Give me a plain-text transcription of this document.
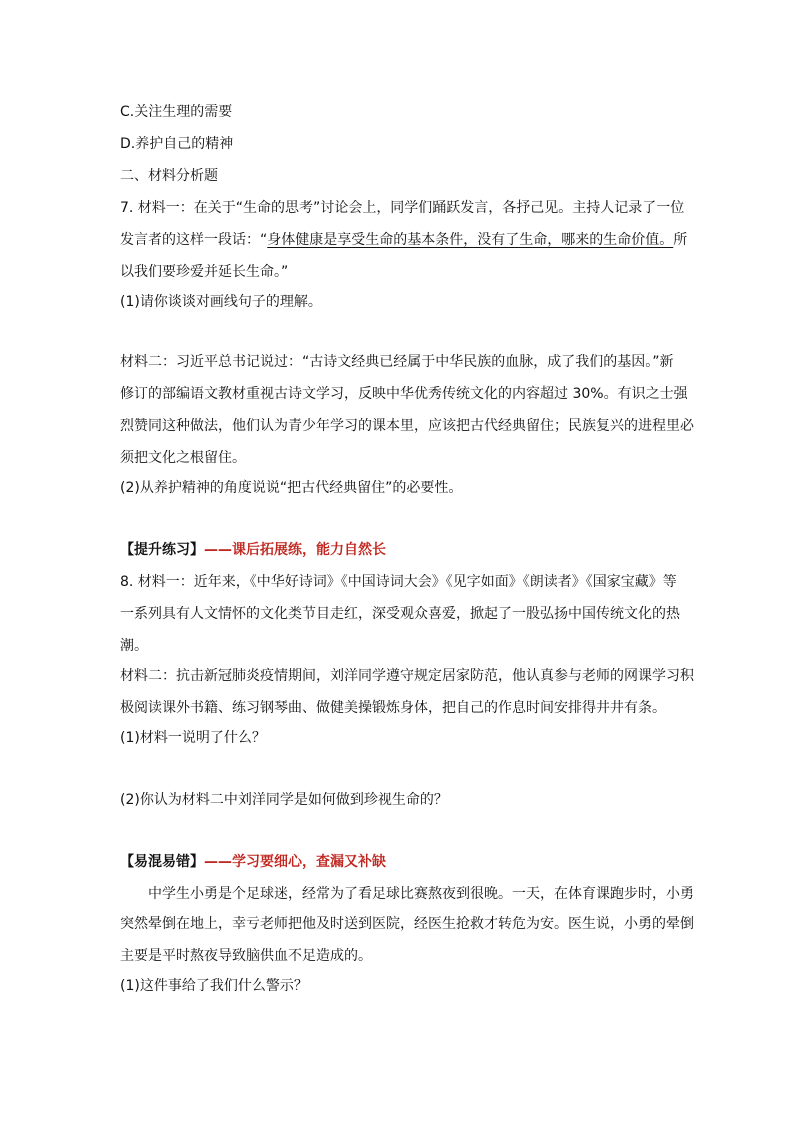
C.关注生理的需要
D.养护自己的精神
二、材料分析题
7. 材料一：在关于“生命的思考”讨论会上，同学们踊跃发言，各抒己见。主持人记录了一位
发言者的这样一段话：“身体健康是享受生命的基本条件，没有了生命，哪来的生命价值。所
以我们要珍爱并延长生命。”
(1)请你谈谈对画线句子的理解。
材料二：习近平总书记说过：“古诗文经典已经属于中华民族的血脉，成了我们的基因。”新
修订的部编语文教材重视古诗文学习，反映中华优秀传统文化的内容超过 30%。有识之士强
烈赞同这种做法，他们认为青少年学习的课本里，应该把古代经典留住；民族复兴的进程里必
须把文化之根留住。
(2)从养护精神的角度说说“把古代经典留住”的必要性。
【提升练习】——课后拓展练，能力自然长
8. 材料一：近年来，《中华好诗词》《中国诗词大会》《见字如面》《朗读者》《国家宝藏》等
一系列具有人文情怀的文化类节目走红，深受观众喜爱，掀起了一股弘扬中国传统文化的热
潮。
材料二：抗击新冠肺炎疫情期间，刘洋同学遵守规定居家防范，他认真参与老师的网课学习积
极阅读课外书籍、练习钢琴曲、做健美操锻炼身体，把自己的作息时间安排得井井有条。
(1)材料一说明了什么？
(2)你认为材料二中刘洋同学是如何做到珍视生命的？
【易混易错】——学习要细心，查漏又补缺
中学生小勇是个足球迷，经常为了看足球比赛熬夜到很晚。一天，在体育课跑步时，小勇
突然晕倒在地上，幸亏老师把他及时送到医院，经医生抢救才转危为安。医生说，小勇的晕倒
主要是平时熬夜导致脑供血不足造成的。
(1)这件事给了我们什么警示？
